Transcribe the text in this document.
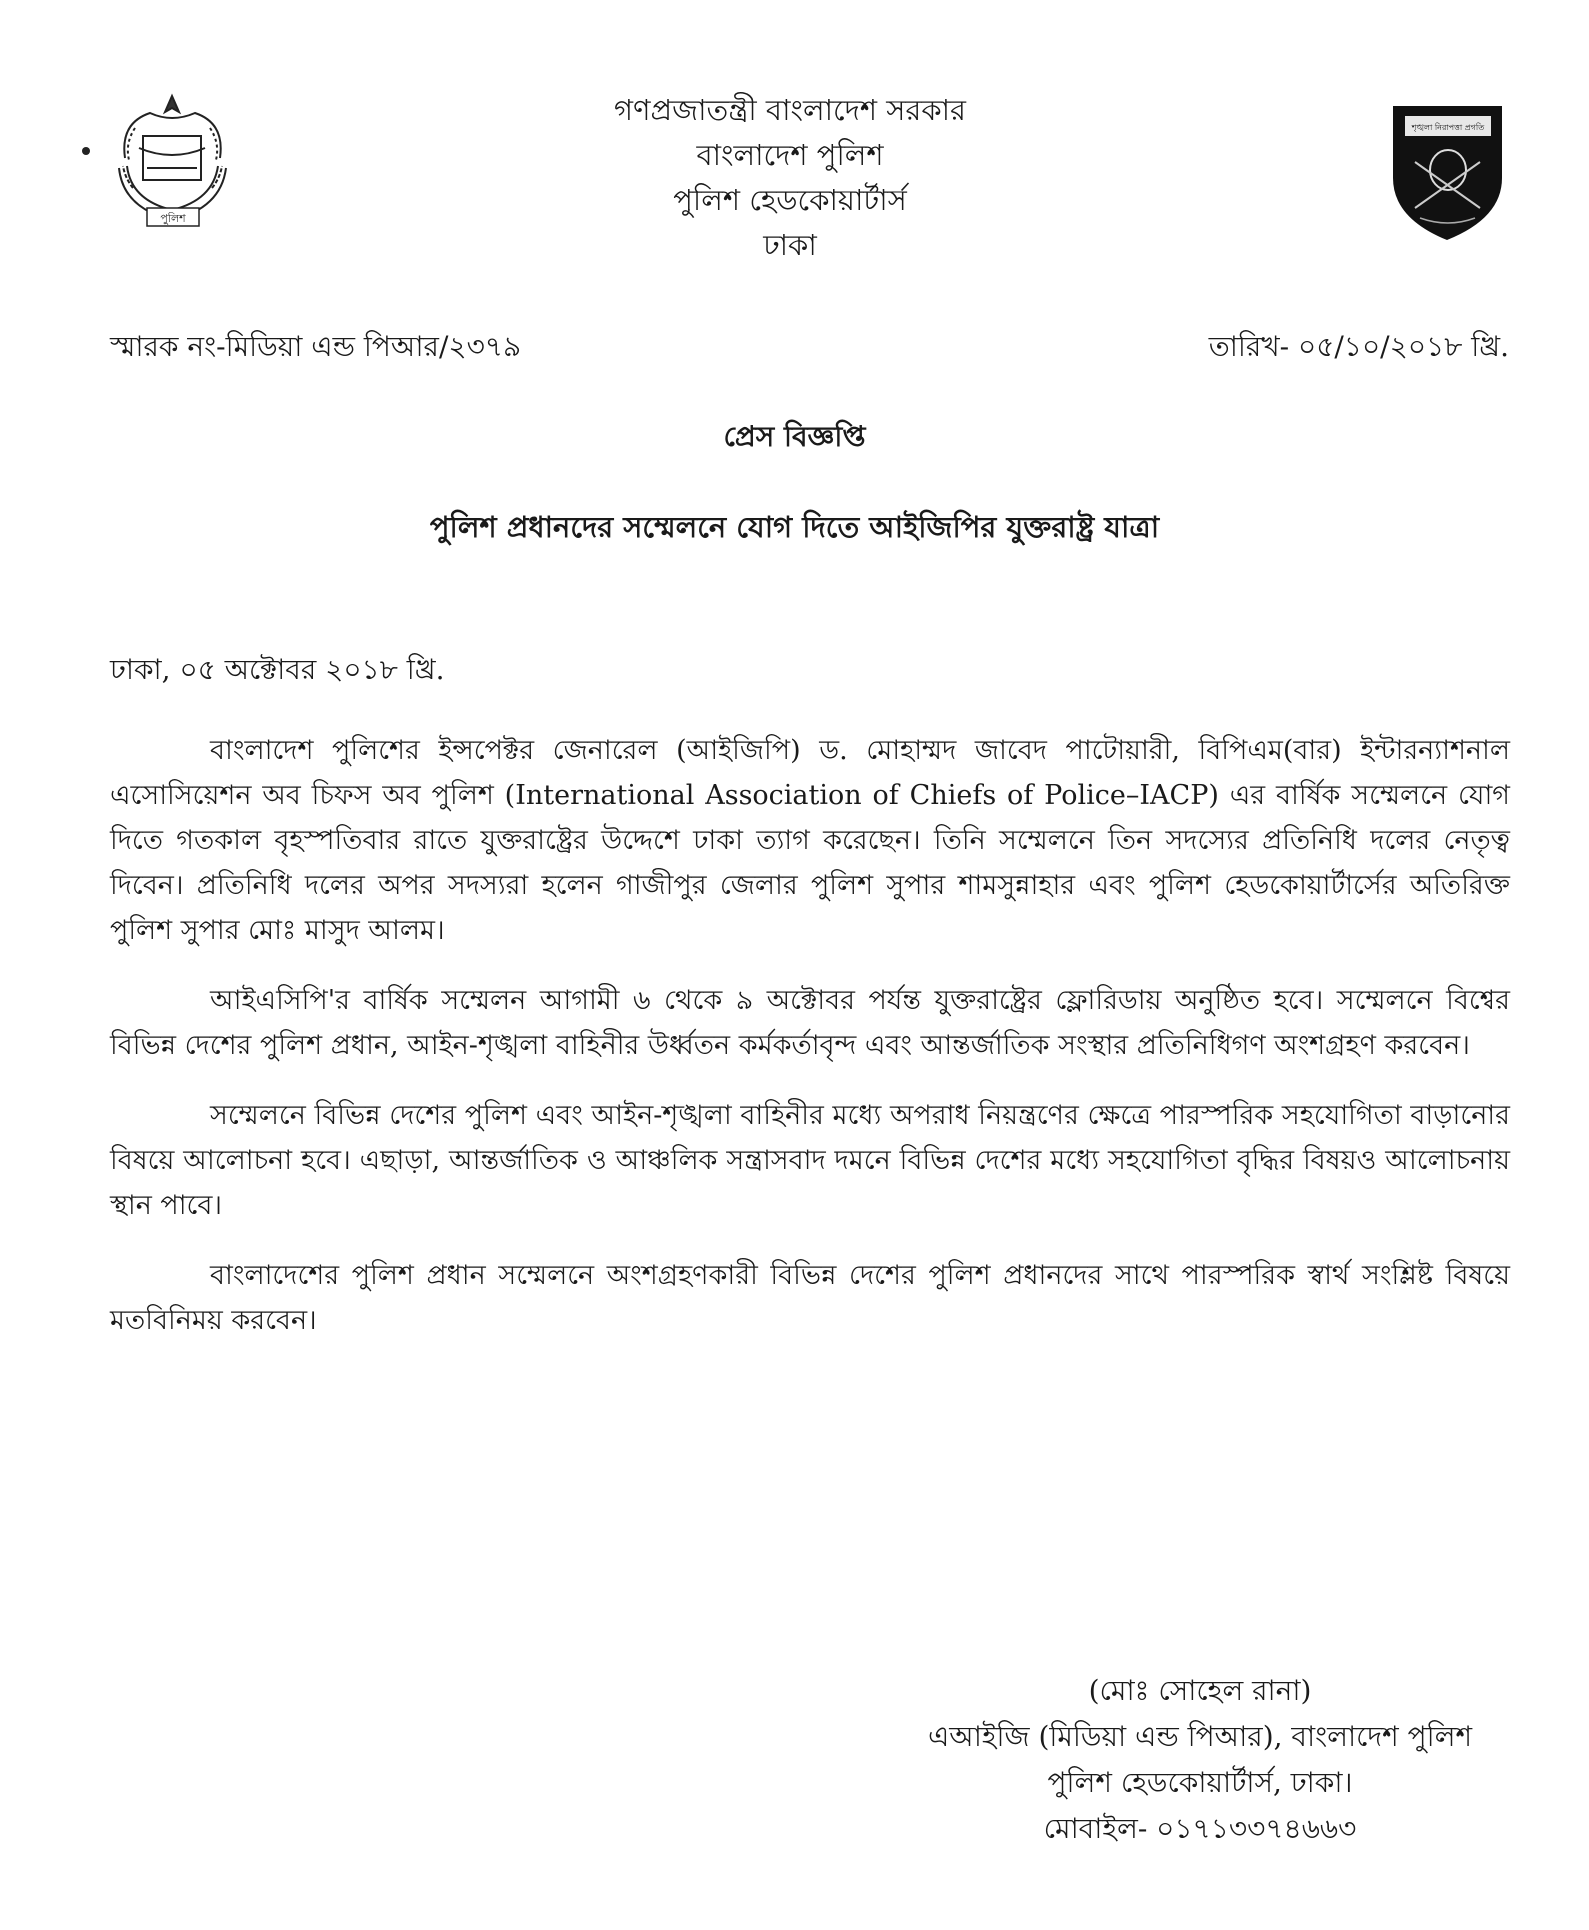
পুলিশ
শৃঙ্খলা নিরাপত্তা প্রগতি
গণপ্রজাতন্ত্রী বাংলাদেশ সরকার
বাংলাদেশ পুলিশ
পুলিশ হেডকোয়ার্টার্স
ঢাকা
স্মারক নং-মিডিয়া এন্ড পিআর/২৩৭৯	তারিখ- ০৫/১০/২০১৮ খ্রি.
প্রেস বিজ্ঞপ্তি
পুলিশ প্রধানদের সম্মেলনে যোগ দিতে আইজিপির যুক্তরাষ্ট্র যাত্রা
ঢাকা, ০৫ অক্টোবর ২০১৮ খ্রি.

বাংলাদেশ পুলিশের ইন্সপেক্টর জেনারেল (আইজিপি) ড. মোহাম্মদ জাবেদ পাটোয়ারী, বিপিএম(বার) ইন্টারন্যাশনাল এসোসিয়েশন অব চিফস অব পুলিশ (International Association of Chiefs of Police–IACP) এর বার্ষিক সম্মেলনে যোগ দিতে গতকাল বৃহস্পতিবার রাতে যুক্তরাষ্ট্রের উদ্দেশে ঢাকা ত্যাগ করেছেন। তিনি সম্মেলনে তিন সদস্যের প্রতিনিধি দলের নেতৃত্ব দিবেন। প্রতিনিধি দলের অপর সদস্যরা হলেন গাজীপুর জেলার পুলিশ সুপার শামসুন্নাহার এবং পুলিশ হেডকোয়ার্টার্সের অতিরিক্ত পুলিশ সুপার মোঃ মাসুদ আলম।

আইএসিপি'র বার্ষিক সম্মেলন আগামী ৬ থেকে ৯ অক্টোবর পর্যন্ত যুক্তরাষ্ট্রের ফ্লোরিডায় অনুষ্ঠিত হবে। সম্মেলনে বিশ্বের বিভিন্ন দেশের পুলিশ প্রধান, আইন-শৃঙ্খলা বাহিনীর উর্ধ্বতন কর্মকর্তাবৃন্দ এবং আন্তর্জাতিক সংস্থার প্রতিনিধিগণ অংশগ্রহণ করবেন।

সম্মেলনে বিভিন্ন দেশের পুলিশ এবং আইন-শৃঙ্খলা বাহিনীর মধ্যে অপরাধ নিয়ন্ত্রণের ক্ষেত্রে পারস্পরিক সহযোগিতা বাড়ানোর বিষয়ে আলোচনা হবে। এছাড়া, আন্তর্জাতিক ও আঞ্চলিক সন্ত্রাসবাদ দমনে বিভিন্ন দেশের মধ্যে সহযোগিতা বৃদ্ধির বিষয়ও আলোচনায় স্থান পাবে।

বাংলাদেশের পুলিশ প্রধান সম্মেলনে অংশগ্রহণকারী বিভিন্ন দেশের পুলিশ প্রধানদের সাথে পারস্পরিক স্বার্থ সংশ্লিষ্ট বিষয়ে মতবিনিময় করবেন।

(মোঃ সোহেল রানা)
এআইজি (মিডিয়া এন্ড পিআর), বাংলাদেশ পুলিশ
পুলিশ হেডকোয়ার্টার্স, ঢাকা।
মোবাইল- ০১৭১৩৩৭৪৬৬৩
